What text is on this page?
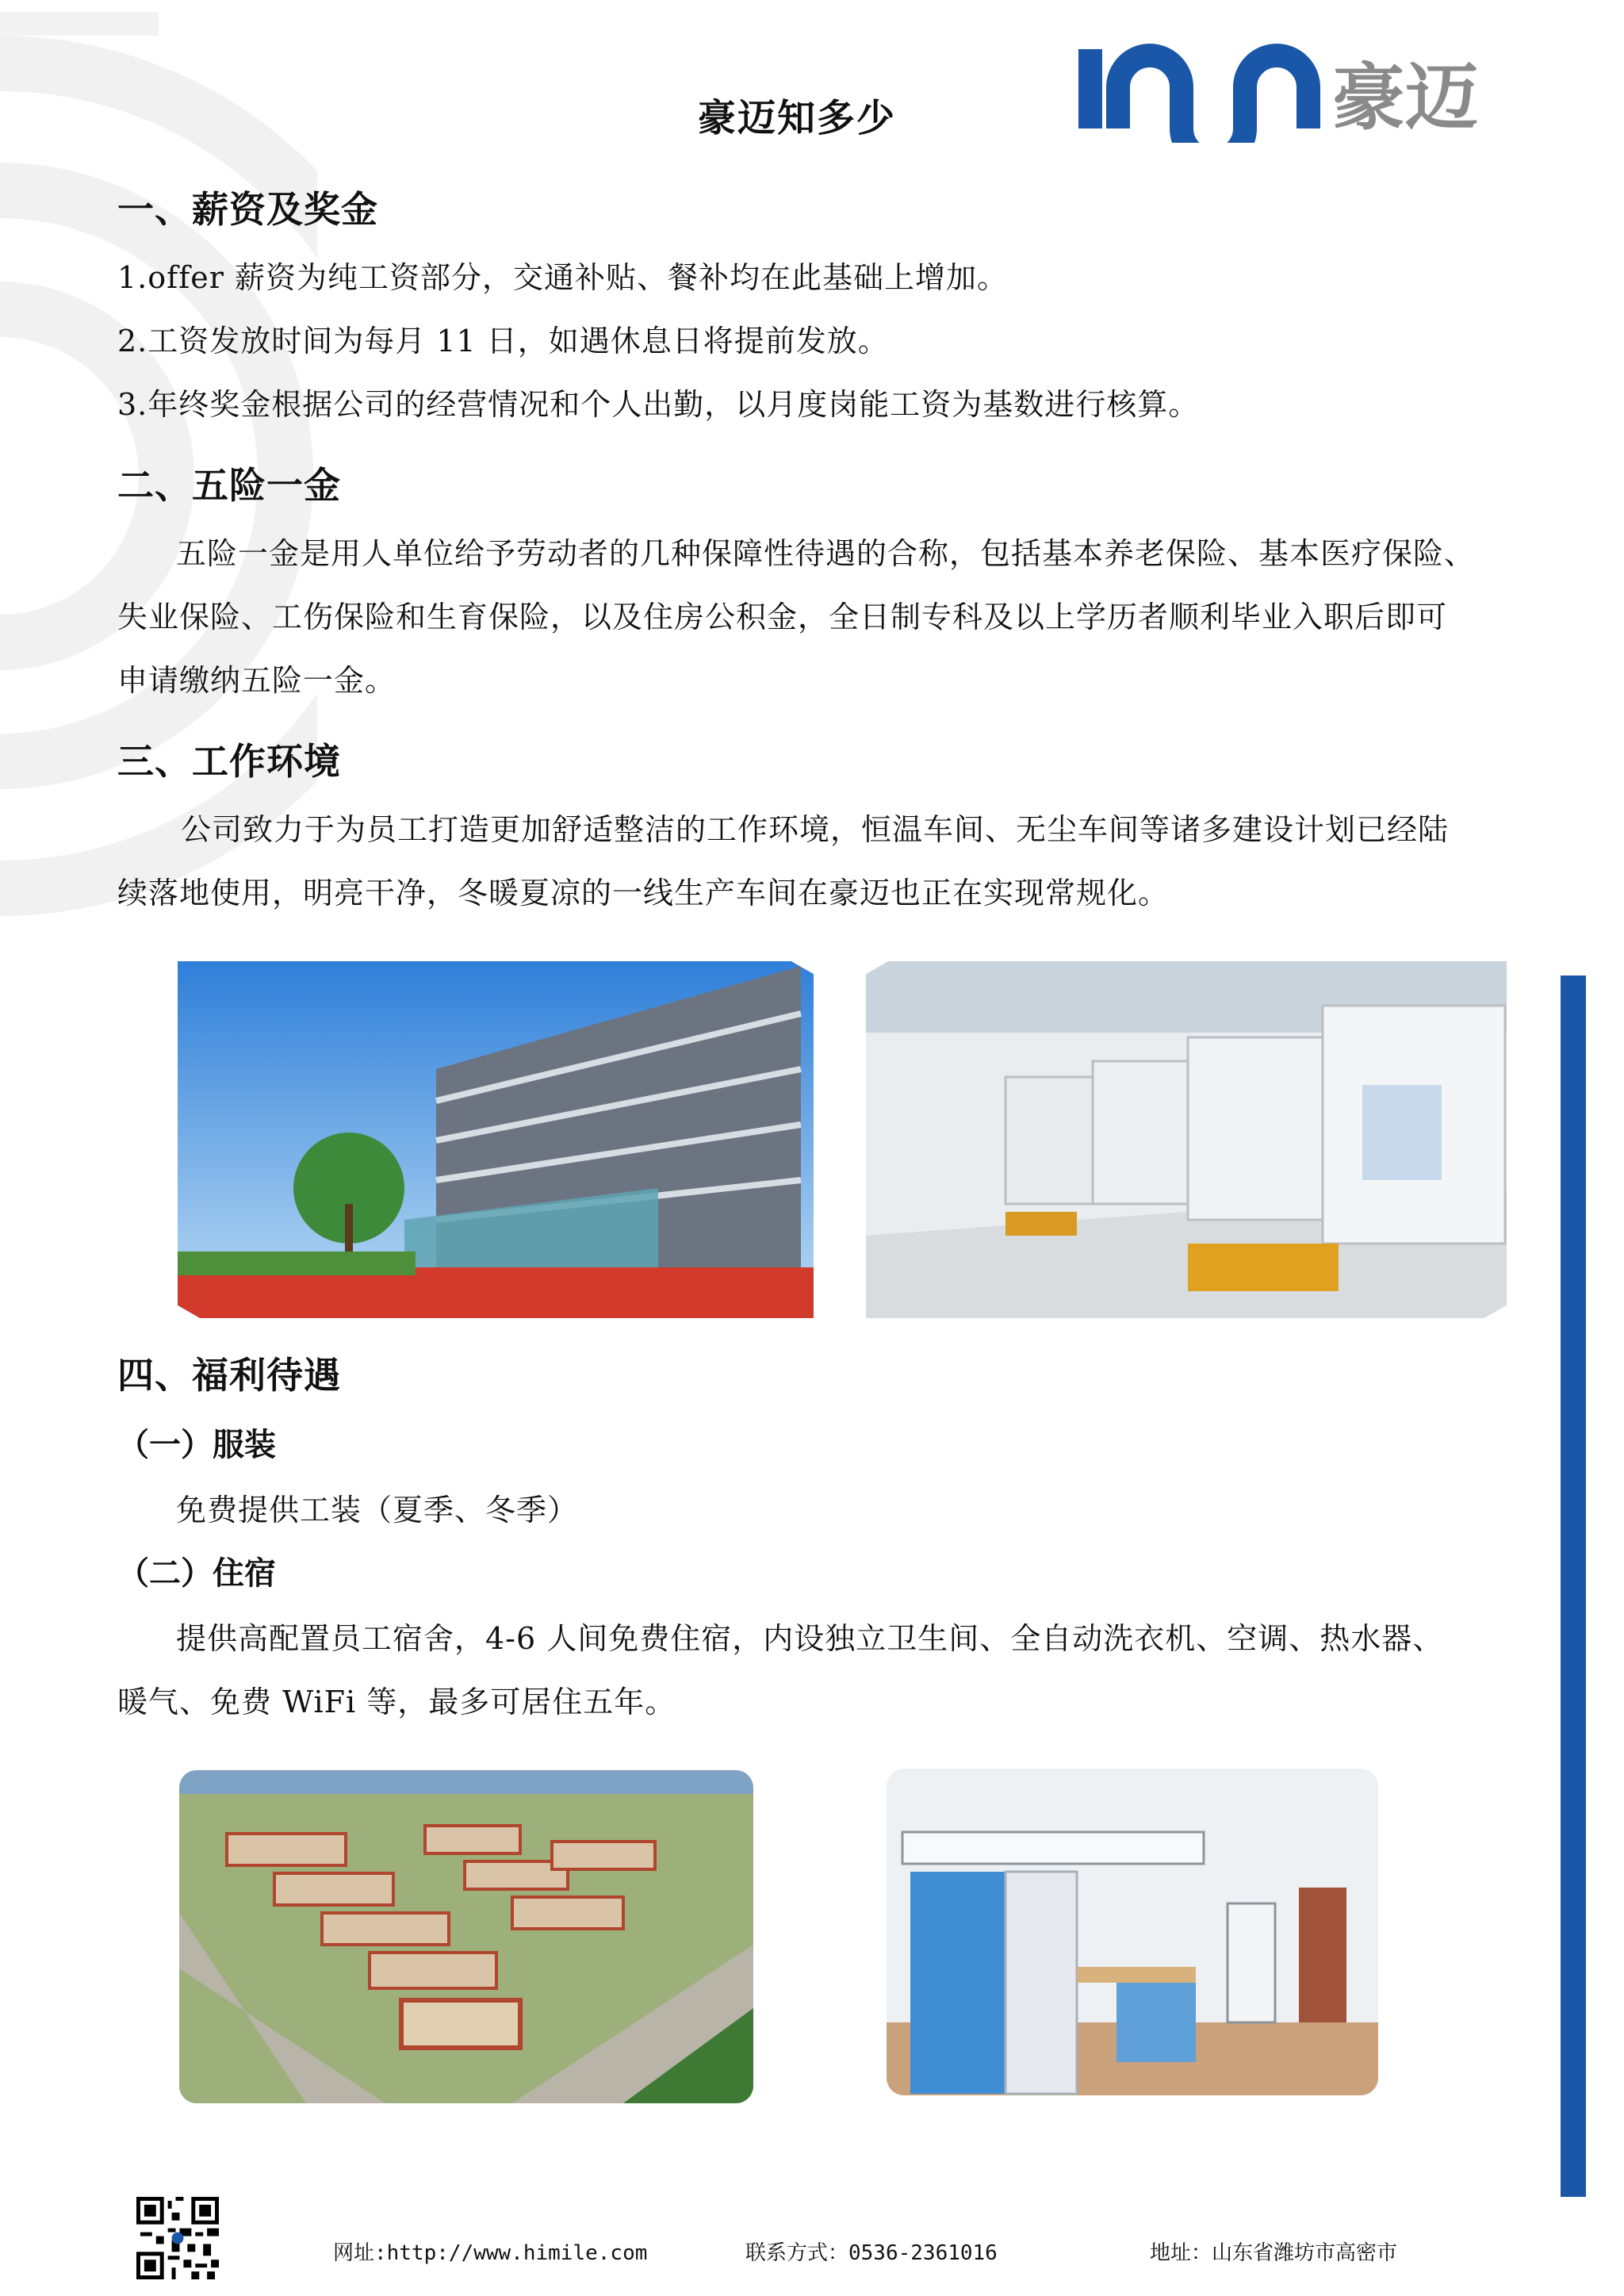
豪迈知多少	豪迈
一、薪资及奖金

1.offer 薪资为纯工资部分，交通补贴、餐补均在此基础上增加。

2.工资发放时间为每月 11 日，如遇休息日将提前发放。

3.年终奖金根据公司的经营情况和个人出勤，以月度岗能工资为基数进行核算。

二、五险一金

五险一金是用人单位给予劳动者的几种保障性待遇的合称，包括基本养老保险、基本医疗保险、

失业保险、工伤保险和生育保险，以及住房公积金，全日制专科及以上学历者顺利毕业入职后即可

申请缴纳五险一金。

三、工作环境

公司致力于为员工打造更加舒适整洁的工作环境，恒温车间、无尘车间等诸多建设计划已经陆

续落地使用，明亮干净，冬暖夏凉的一线生产车间在豪迈也正在实现常规化。

四、福利待遇
（一）服装

免费提供工装（夏季、冬季）

（二）住宿

提供高配置员工宿舍，4-6 人间免费住宿，内设独立卫生间、全自动洗衣机、空调、热水器、

暖气、免费 WiFi 等，最多可居住五年。

网址:http://www.himile.com	联系方式：0536-2361016	地址：山东省潍坊市高密市
